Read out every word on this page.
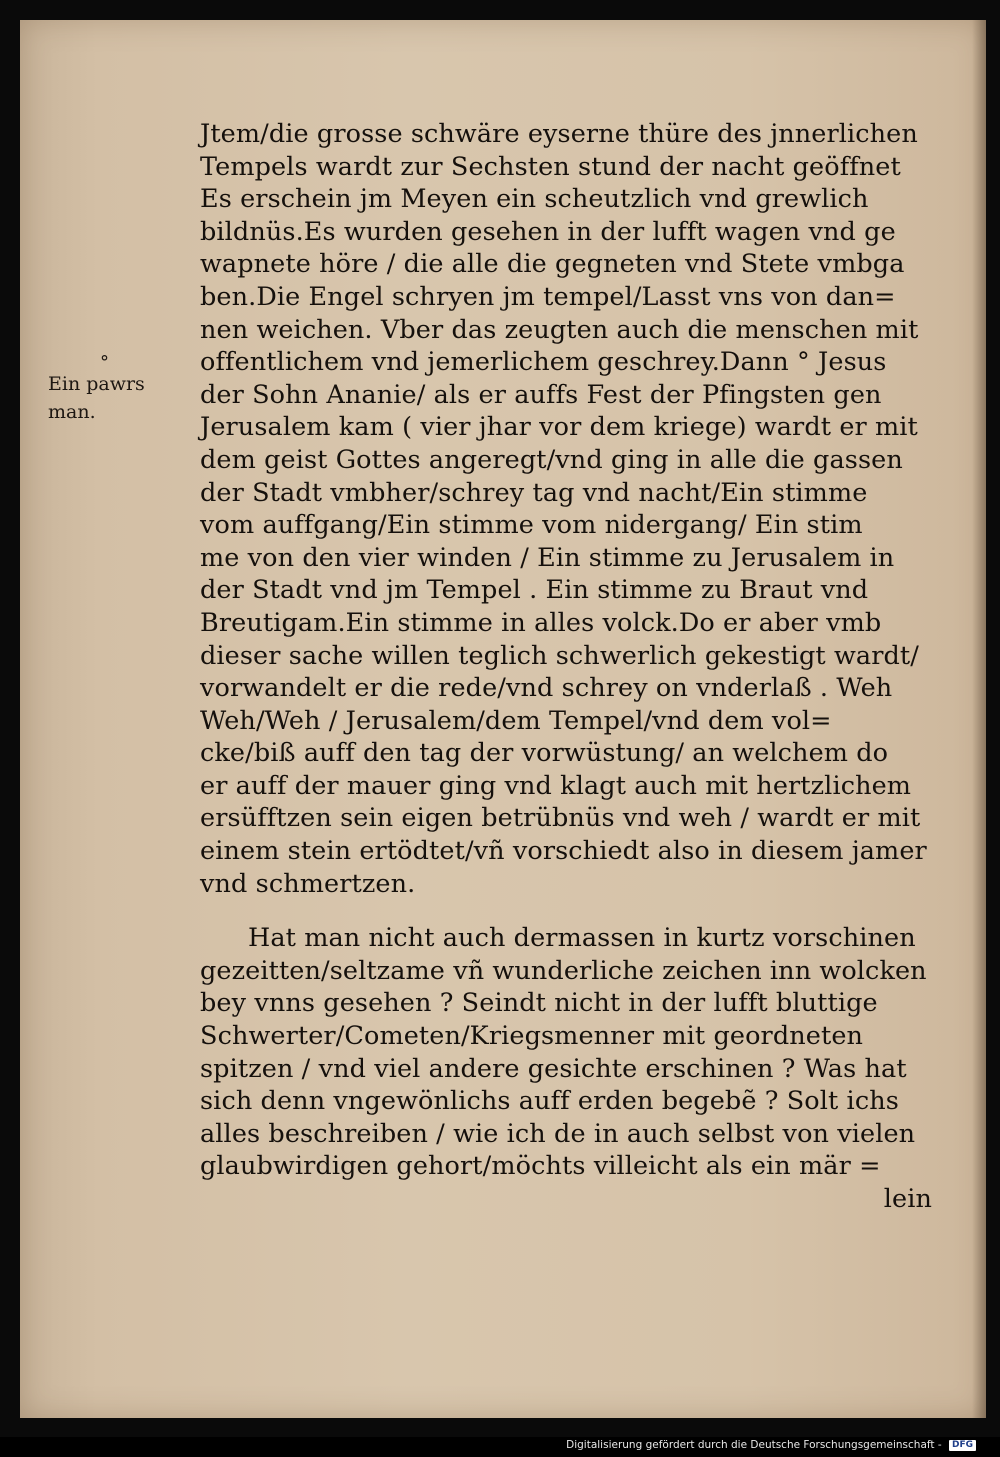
°
Ein pawrs
man.
Jtem/die grosse schwäre eyserne thüre des jnnerlichen
Tempels wardt zur Sechsten stund der nacht geöffnet
Es erschein jm Meyen ein scheutzlich vnd grewlich
bildnüs.Es wurden gesehen in der lufft wagen vnd ge
wapnete höre / die alle die gegneten vnd Stete vmbga
ben.Die Engel schryen jm tempel/Lasst vns von dan=
nen weichen. Vber das zeugten auch die menschen mit
offentlichem vnd jemerlichem geschrey.Dann ° Jesus
der Sohn Ananie/ als er auffs Fest der Pfingsten gen
Jerusalem kam ( vier jhar vor dem kriege) wardt er mit
dem geist Gottes angeregt/vnd ging in alle die gassen
der Stadt vmbher/schrey tag vnd nacht/Ein stimme
vom auffgang/Ein stimme vom nidergang/ Ein stim
me von den vier winden / Ein stimme zu Jerusalem in
der Stadt vnd jm Tempel . Ein stimme zu Braut vnd
Breutigam.Ein stimme in alles volck.Do er aber vmb
dieser sache willen teglich schwerlich gekestigt wardt/
vorwandelt er die rede/vnd schrey on vnderlaß . Weh
Weh/Weh / Jerusalem/dem Tempel/vnd dem vol=
cke/biß auff den tag der vorwüstung/ an welchem do
er auff der mauer ging vnd klagt auch mit hertzlichem
ersüfftzen sein eigen betrübnüs vnd weh / wardt er mit
einem stein ertödtet/vñ vorschiedt also in diesem jamer
vnd schmertzen.
Hat man nicht auch dermassen in kurtz vorschinen
gezeitten/seltzame vñ wunderliche zeichen inn wolcken
bey vnns gesehen ? Seindt nicht in der lufft bluttige
Schwerter/Cometen/Kriegsmenner mit geordneten
spitzen / vnd viel andere gesichte erschinen ? Was hat
sich denn vngewönlichs auff erden begebẽ ? Solt ichs
alles beschreiben / wie ich de in auch selbst von vielen
glaubwirdigen gehort/möchts villeicht als ein mär =
lein
Digitalisierung gefördert durch die Deutsche Forschungsgemeinschaft - DFG
